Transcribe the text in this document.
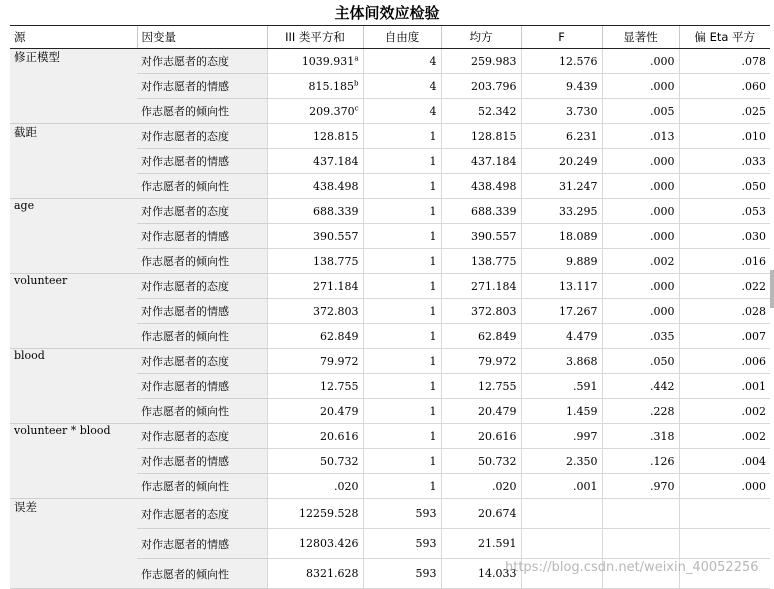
主体间效应检验
源	因变量	III 类平方和	自由度	均方	F	显著性	偏 Eta 平方
修正模型	对作志愿者的态度	1039.931$^a$	4	259.983	12.576	.000	.078
	对作志愿者的情感	815.185$^b$	4	203.796	9.439	.000	.060
	作志愿者的倾向性	209.370$^c$	4	52.342	3.730	.005	.025
截距	对作志愿者的态度	128.815	1	128.815	6.231	.013	.010
	对作志愿者的情感	437.184	1	437.184	20.249	.000	.033
	作志愿者的倾向性	438.498	1	438.498	31.247	.000	.050
age	对作志愿者的态度	688.339	1	688.339	33.295	.000	.053
	对作志愿者的情感	390.557	1	390.557	18.089	.000	.030
	作志愿者的倾向性	138.775	1	138.775	9.889	.002	.016
volunteer	对作志愿者的态度	271.184	1	271.184	13.117	.000	.022
	对作志愿者的情感	372.803	1	372.803	17.267	.000	.028
	作志愿者的倾向性	62.849	1	62.849	4.479	.035	.007
blood	对作志愿者的态度	79.972	1	79.972	3.868	.050	.006
	对作志愿者的情感	12.755	1	12.755	.591	.442	.001
	作志愿者的倾向性	20.479	1	20.479	1.459	.228	.002
volunteer * blood	对作志愿者的态度	20.616	1	20.616	.997	.318	.002
	对作志愿者的情感	50.732	1	50.732	2.350	.126	.004
	作志愿者的倾向性	.020	1	.020	.001	.970	.000
误差	对作志愿者的态度	12259.528	593	20.674			
	对作志愿者的情感	12803.426	593	21.591			
	作志愿者的倾向性	8321.628	593	14.033			
https://blog.csdn.net/weixin_40052256
